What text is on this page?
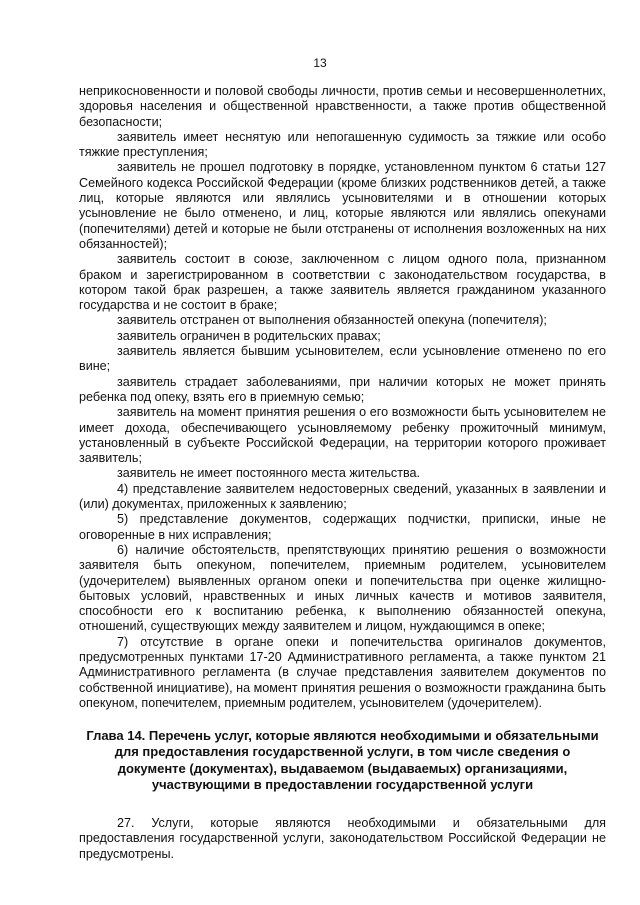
13

неприкосновенности и половой свободы личности, против семьи и несовершеннолетних, здоровья населения и общественной нравственности, а также против общественной безопасности;

заявитель имеет неснятую или непогашенную судимость за тяжкие или особо тяжкие преступления;

заявитель не прошел подготовку в порядке, установленном пунктом 6 статьи 127 Семейного кодекса Российской Федерации (кроме близких родственников детей, а также лиц, которые являются или являлись усыновителями и в отношении которых усыновление не было отменено, и лиц, которые являются или являлись опекунами (попечителями) детей и которые не были отстранены от исполнения возложенных на них обязанностей);

заявитель состоит в союзе, заключенном с лицом одного пола, признанном браком и зарегистрированном в соответствии с законодательством государства, в котором такой брак разрешен, а также заявитель является гражданином указанного государства и не состоит в браке;

заявитель отстранен от выполнения обязанностей опекуна (попечителя);

заявитель ограничен в родительских правах;

заявитель является бывшим усыновителем, если усыновление отменено по его вине;

заявитель страдает заболеваниями, при наличии которых не может принять ребенка под опеку, взять его в приемную семью;

заявитель на момент принятия решения о его возможности быть усыновителем не имеет дохода, обеспечивающего усыновляемому ребенку прожиточный минимум, установленный в субъекте Российской Федерации, на территории которого проживает заявитель;

заявитель не имеет постоянного места жительства.

4) представление заявителем недостоверных сведений, указанных в заявлении и (или) документах, приложенных к заявлению;

5) представление документов, содержащих подчистки, приписки, иные не оговоренные в них исправления;

6) наличие обстоятельств, препятствующих принятию решения о возможности заявителя быть опекуном, попечителем, приемным родителем, усыновителем (удочерителем) выявленных органом опеки и попечительства при оценке жилищно-бытовых условий, нравственных и иных личных качеств и мотивов заявителя, способности его к воспитанию ребенка, к выполнению обязанностей опекуна, отношений, существующих между заявителем и лицом, нуждающимся в опеке;

7) отсутствие в органе опеки и попечительства оригиналов документов, предусмотренных пунктами 17-20 Административного регламента, а также пунктом 21 Административного регламента (в случае представления заявителем документов по собственной инициативе), на момент принятия решения о возможности гражданина быть опекуном, попечителем, приемным родителем, усыновителем (удочерителем).

Глава 14. Перечень услуг, которые являются необходимыми и обязательными для предоставления государственной услуги, в том числе сведения о документе (документах), выдаваемом (выдаваемых) организациями, участвующими в предоставлении государственной услуги

27. Услуги, которые являются необходимыми и обязательными для предоставления государственной услуги, законодательством Российской Федерации не предусмотрены.
